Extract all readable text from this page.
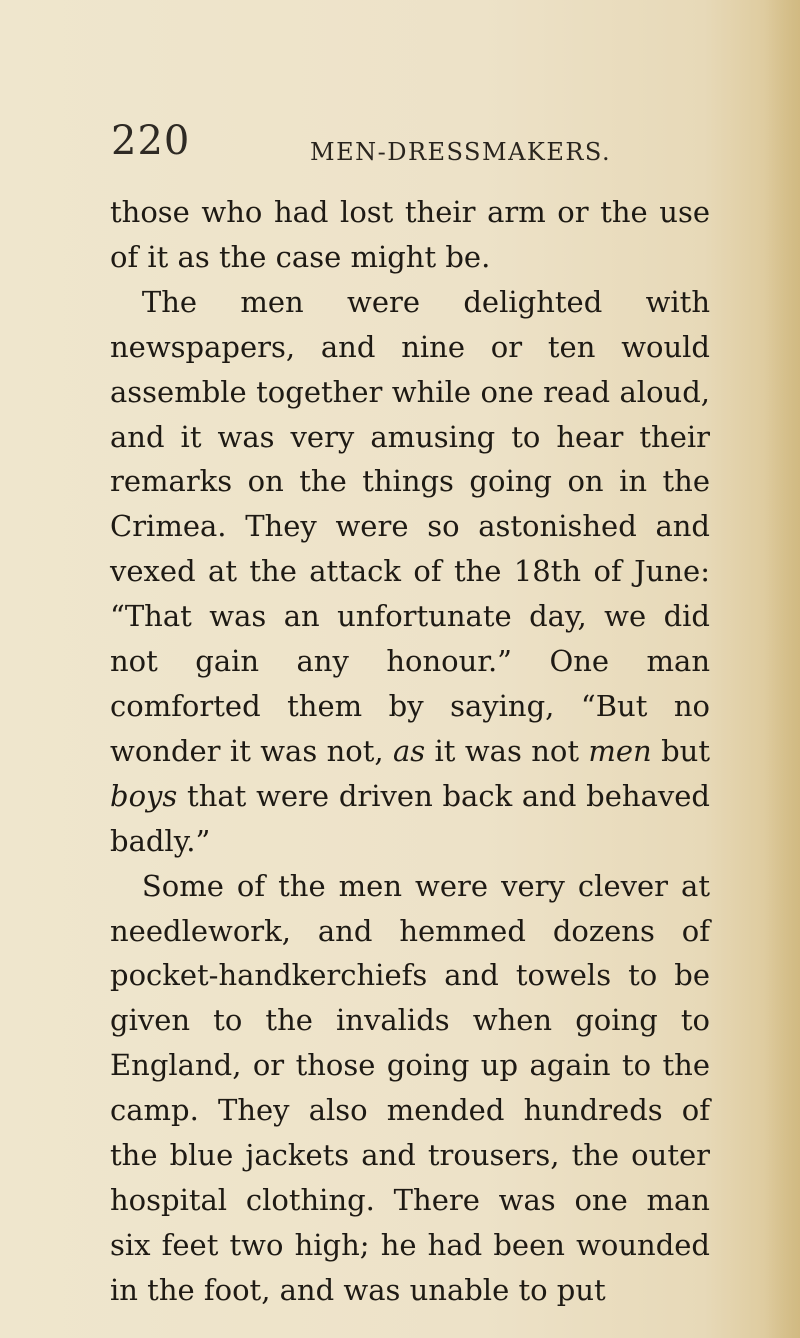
220	MEN-DRESSMAKERS.

those who had lost their arm or the use of it as the case might be.

The men were delighted with newspapers, and nine or ten would assemble together while one read aloud, and it was very amusing to hear their remarks on the things going on in the Crimea. They were so astonished and vexed at the attack of the 18th of June: “That was an unfortunate day, we did not gain any honour.” One man comforted them by saying, “But no wonder it was not, as it was not men but boys that were driven back and behaved badly.”

Some of the men were very clever at needlework, and hemmed dozens of pocket-handkerchiefs and towels to be given to the invalids when going to England, or those going up again to the camp. They also mended hundreds of the blue jackets and trousers, the outer hospital clothing. There was one man six feet two high; he had been wounded in the foot, and was unable to put
